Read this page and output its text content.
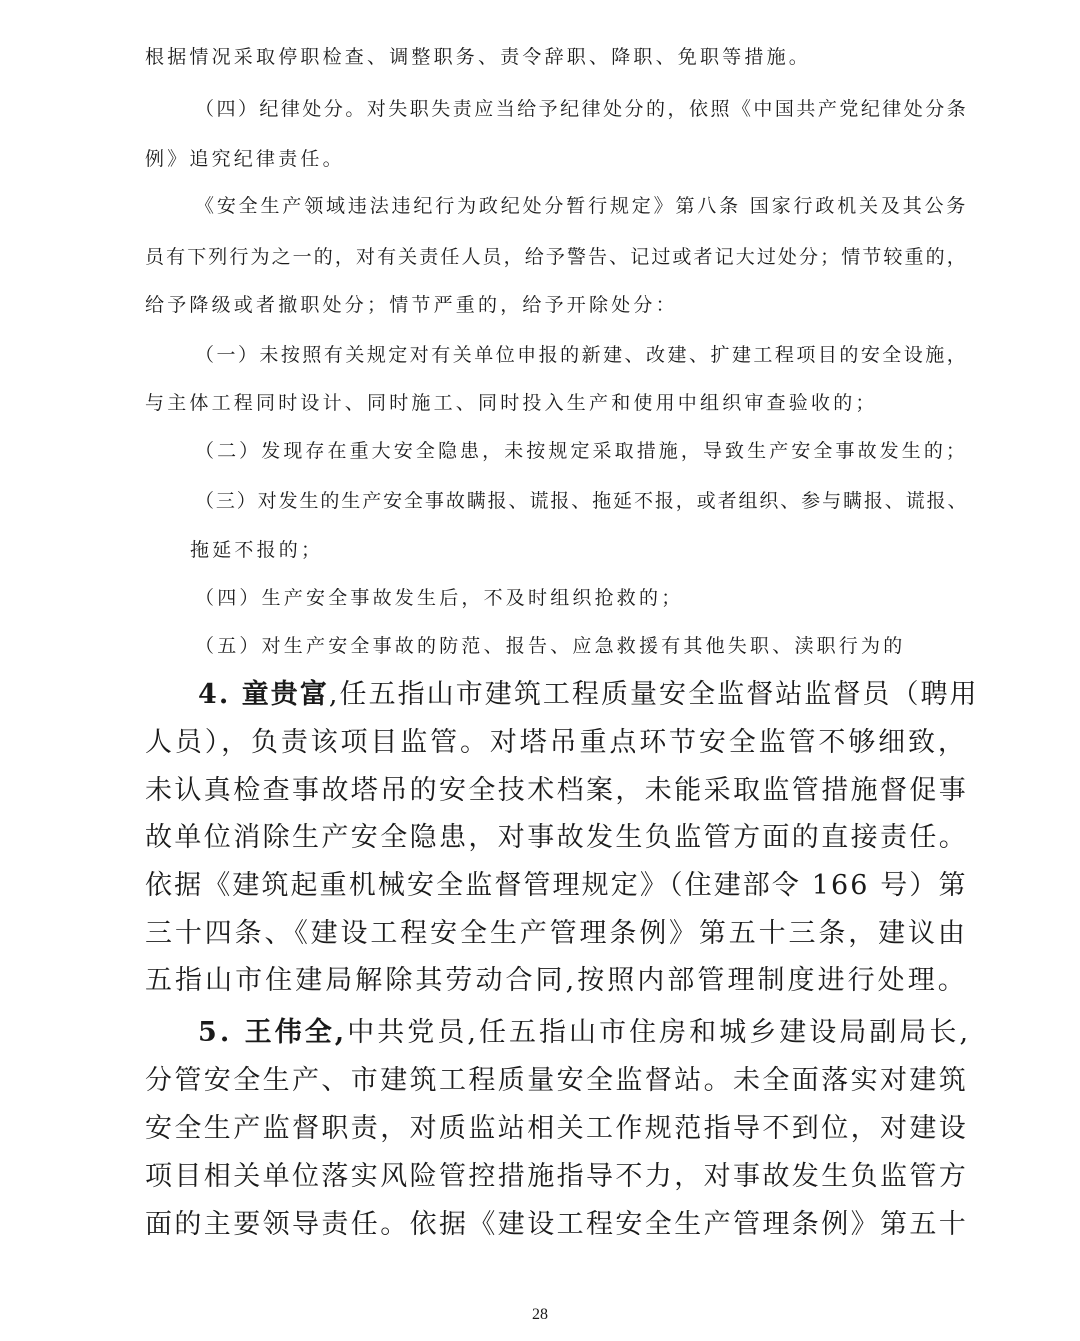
根据情况采取停职检查、调整职务、责令辞职、降职、免职等措施。

（四）纪律处分。对失职失责应当给予纪律处分的，依照《中国共产党纪律处分条

例》追究纪律责任。

《安全生产领域违法违纪行为政纪处分暂行规定》第八条 国家行政机关及其公务

员有下列行为之一的，对有关责任人员，给予警告、记过或者记大过处分；情节较重的，

给予降级或者撤职处分；情节严重的，给予开除处分：

（一）未按照有关规定对有关单位申报的新建、改建、扩建工程项目的安全设施，

与主体工程同时设计、同时施工、同时投入生产和使用中组织审查验收的；

（二）发现存在重大安全隐患，未按规定采取措施，导致生产安全事故发生的；

（三）对发生的生产安全事故瞒报、谎报、拖延不报，或者组织、参与瞒报、谎报、

拖延不报的；

（四）生产安全事故发生后，不及时组织抢救的；

（五）对生产安全事故的防范、报告、应急救援有其他失职、渎职行为的

4. 童贵富,任五指山市建筑工程质量安全监督站监督员（聘用

人员），负责该项目监管。对塔吊重点环节安全监管不够细致，

未认真检查事故塔吊的安全技术档案，未能采取监管措施督促事

故单位消除生产安全隐患，对事故发生负监管方面的直接责任。

依据《建筑起重机械安全监督管理规定》（住建部令 166 号）第

三十四条、《建设工程安全生产管理条例》第五十三条，建议由

五指山市住建局解除其劳动合同,按照内部管理制度进行处理。

5. 王伟全,中共党员,任五指山市住房和城乡建设局副局长,

分管安全生产、市建筑工程质量安全监督站。未全面落实对建筑

安全生产监督职责，对质监站相关工作规范指导不到位，对建设

项目相关单位落实风险管控措施指导不力，对事故发生负监管方

面的主要领导责任。依据《建设工程安全生产管理条例》第五十

28
